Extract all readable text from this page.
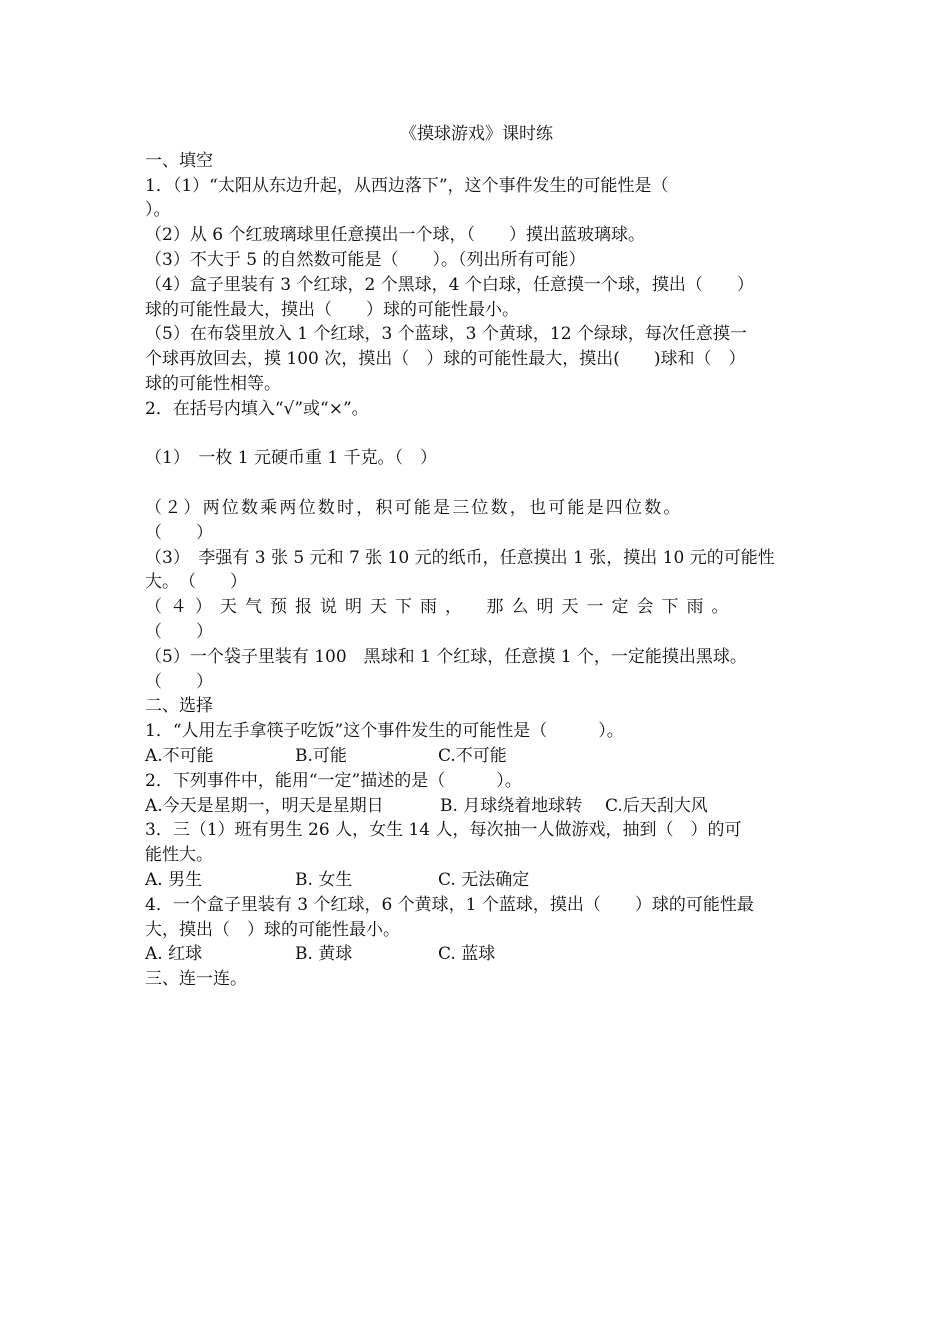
《摸球游戏》课时练
一、填空
1．（1）“太阳从东边升起，从西边落下”，这个事件发生的可能性是（
）。
（2）从 6 个红玻璃球里任意摸出一个球，（　　）摸出蓝玻璃球。
（3）不大于 5 的自然数可能是（　　）。（列出所有可能）
（4）盒子里装有 3 个红球，2 个黑球，4 个白球，任意摸一个球，摸出（　　）
球的可能性最大，摸出（　　）球的可能性最小。
（5）在布袋里放入 1 个红球，3 个蓝球，3 个黄球，12 个绿球，每次任意摸一
个球再放回去，摸 100 次，摸出（　）球的可能性最大，摸出(　　)球和（　）
球的可能性相等。
2．在括号内填入“√”或“×”。
（1）　一枚 1 元硬币重 1 千克。（　）
（２）两位数乘两位数时，积可能是三位数，也可能是四位数。
（　　）
（3）　李强有 3 张 5 元和 7 张 10 元的纸币，任意摸出 1 张，摸出 10 元的可能性
大。　（　　）
（４）天气预报说明天下雨，　那么明天一定会下雨。
（　　）
（5）一个袋子里装有 100　黑球和 1 个红球，任意摸 1 个，一定能摸出黑球。
（　　）
二、选择
1．“人用左手拿筷子吃饭”这个事件发生的可能性是（　　　）。
A.不可能	B.可能	C.不可能
2．下列事件中，能用“一定”描述的是（　　　）。
A.今天是星期一，明天是星期日	B. 月球绕着地球转	C.后天刮大风
3．三（1）班有男生 26 人，女生 14 人，每次抽一人做游戏，抽到（　）的可
能性大。
A. 男生	B. 女生	C. 无法确定
4．一个盒子里装有 3 个红球，6 个黄球，1 个蓝球，摸出（　　）球的可能性最
大，摸出（　）球的可能性最小。
A. 红球	B. 黄球	C. 蓝球
三、连一连。
